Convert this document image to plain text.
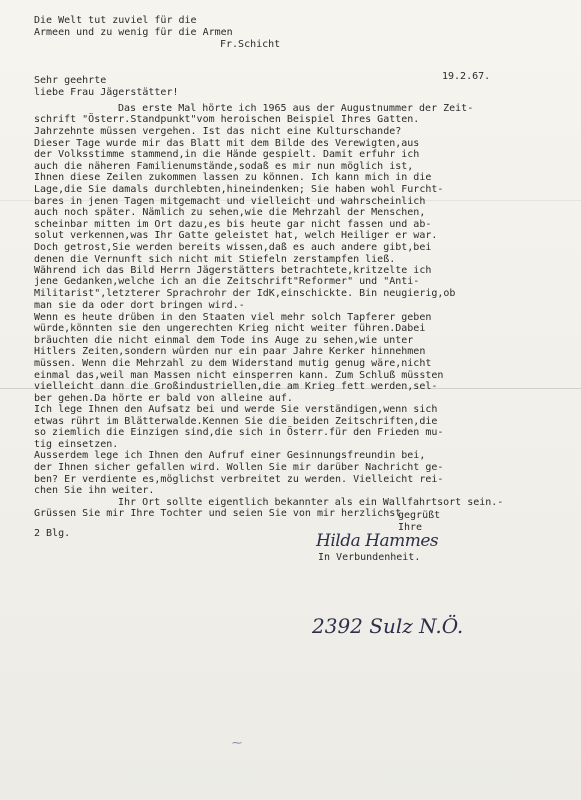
Die Welt tut zuviel für die
Armeen und zu wenig für die Armen
Fr.Schicht
19.2.67.
Sehr geehrte
liebe Frau Jägerstätter!
Das erste Mal hörte ich 1965 aus der Augustnummer der Zeit-
schrift "Österr.Standpunkt"vom heroischen Beispiel Ihres Gatten.
Jahrzehnte müssen vergehen. Ist das nicht eine Kulturschande?
Dieser Tage wurde mir das Blatt mit dem Bilde des Verewigten,aus
der Volksstimme stammend,in die Hände gespielt. Damit erfuhr ich
auch die näheren Familienumstände,sodaß es mir nun möglich ist,
Ihnen diese Zeilen zukommen lassen zu können. Ich kann mich in die
Lage,die Sie damals durchlebten,hineindenken; Sie haben wohl Furcht-
bares in jenen Tagen mitgemacht und vielleicht und wahrscheinlich
auch noch später. Nämlich zu sehen,wie die Mehrzahl der Menschen,
scheinbar mitten im Ort dazu,es bis heute gar nicht fassen und ab-
solut verkennen,was Ihr Gatte geleistet hat, welch Heiliger er war.
Doch getrost,Sie werden bereits wissen,daß es auch andere gibt,bei
denen die Vernunft sich nicht mit Stiefeln zerstampfen ließ.
Während ich das Bild Herrn Jägerstätters betrachtete,kritzelte ich
jene Gedanken,welche ich an die Zeitschrift"Reformer" und "Anti-
Militarist",letzterer Sprachrohr der IdK,einschickte. Bin neugierig,ob
man sie da oder dort bringen wird.-
Wenn es heute drüben in den Staaten viel mehr solch Tapferer geben
würde,könnten sie den ungerechten Krieg nicht weiter führen.Dabei
bräuchten die nicht einmal dem Tode ins Auge zu sehen,wie unter
Hitlers Zeiten,sondern würden nur ein paar Jahre Kerker hinnehmen
müssen. Wenn die Mehrzahl zu dem Widerstand mutig genug wäre,nicht
einmal das,weil man Massen nicht einsperren kann. Zum Schluß müssten
vielleicht dann die Großindustriellen,die am Krieg fett werden,sel-
ber gehen.Da hörte er bald von alleine auf.
Ich lege Ihnen den Aufsatz bei und werde Sie verständigen,wenn sich
etwas rührt im Blätterwalde.Kennen Sie die beiden Zeitschriften,die
so ziemlich die Einzigen sind,die sich in Österr.für den Frieden mu-
tig einsetzen.
Ausserdem lege ich Ihnen den Aufruf einer Gesinnungsfreundin bei,
der Ihnen sicher gefallen wird. Wollen Sie mir darüber Nachricht ge-
ben? Er verdiente es,möglichst verbreitet zu werden. Vielleicht rei-
chen Sie ihn weiter.
Ihr Ort sollte eigentlich bekannter als ein Wallfahrtsort sein.-
Grüssen Sie mir Ihre Tochter und seien Sie von mir herzlichst
gegrüßt
Ihre
2 Blg.	Hilda Hammes
In Verbundenheit.
2392 Sulz N.Ö.
⁓
